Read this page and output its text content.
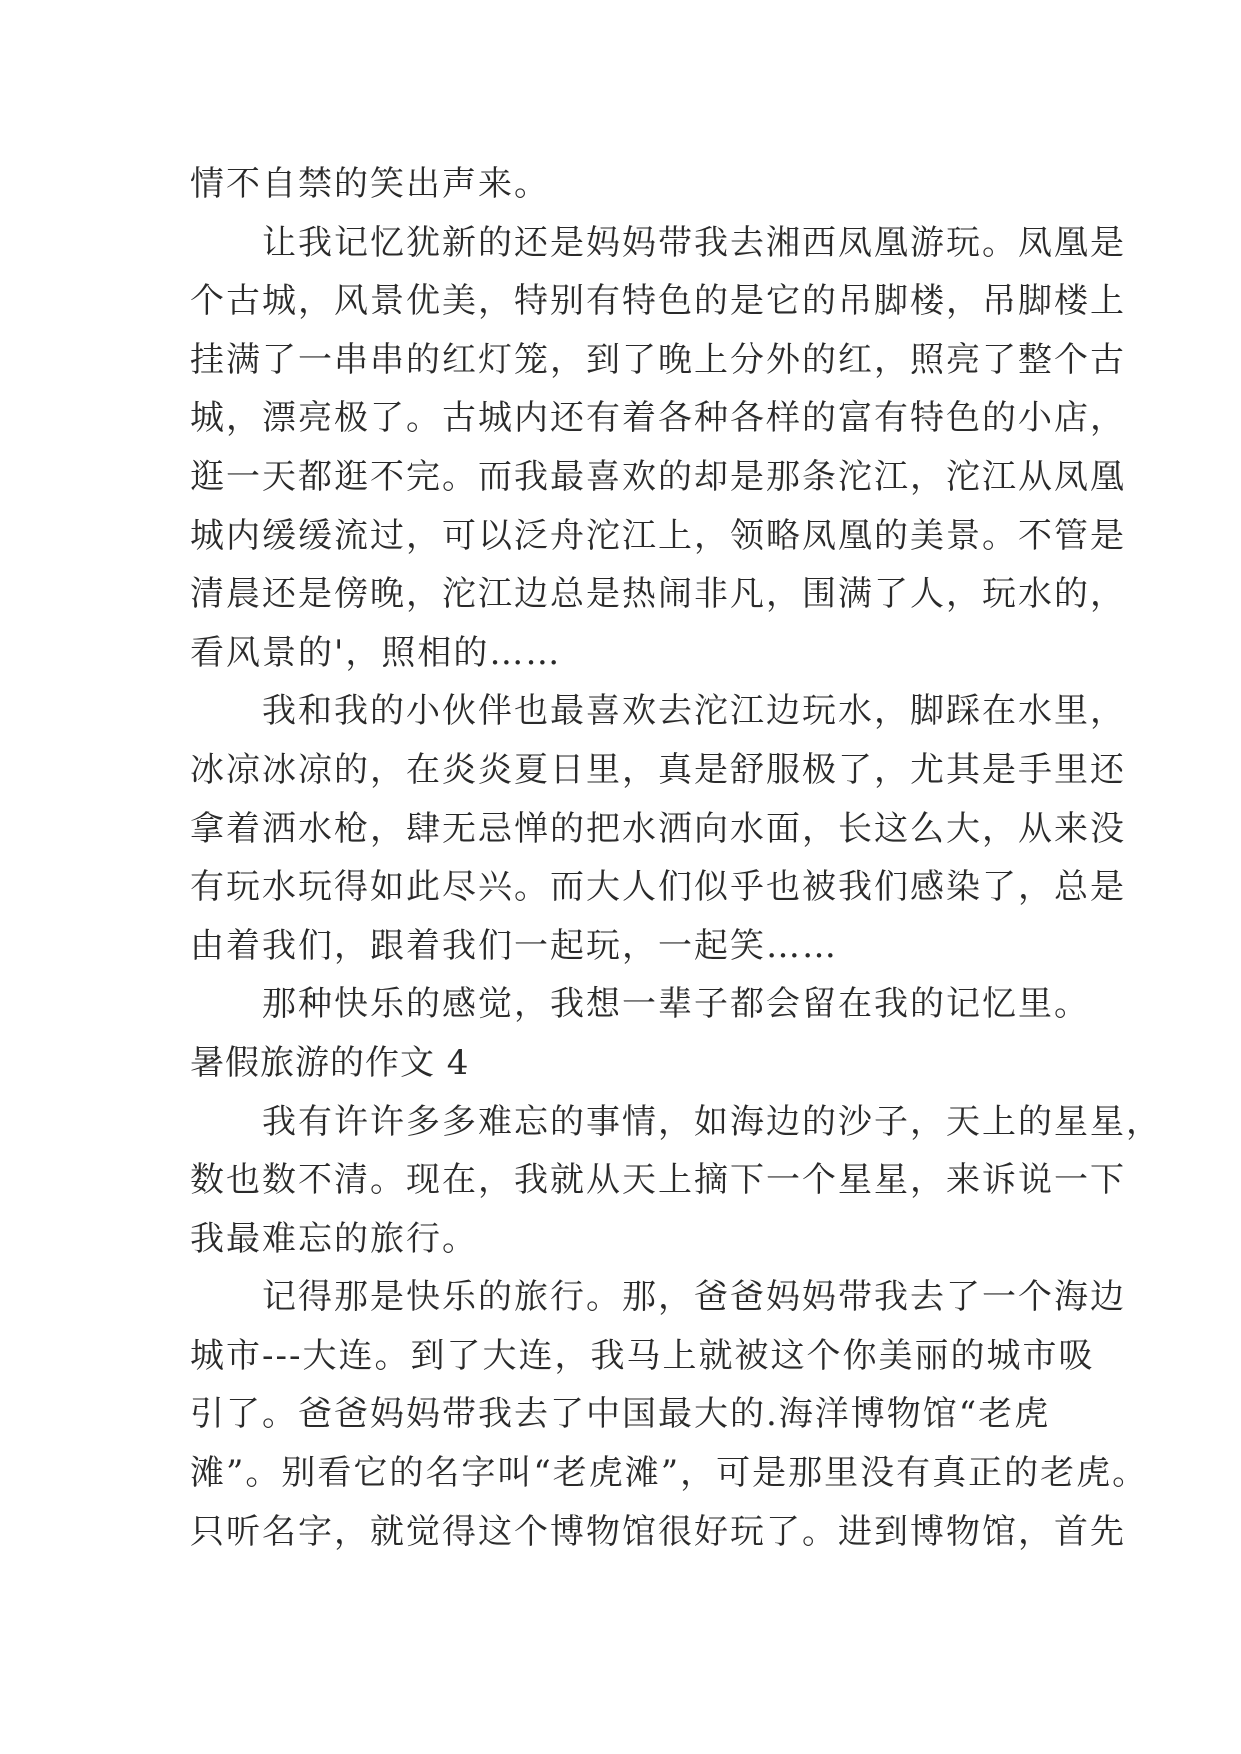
情不自禁的笑出声来。
让我记忆犹新的还是妈妈带我去湘西凤凰游玩。凤凰是
个古城，风景优美，特别有特色的是它的吊脚楼，吊脚楼上
挂满了一串串的红灯笼，到了晚上分外的红，照亮了整个古
城，漂亮极了。古城内还有着各种各样的富有特色的小店，
逛一天都逛不完。而我最喜欢的却是那条沱江，沱江从凤凰
城内缓缓流过，可以泛舟沱江上，领略凤凰的美景。不管是
清晨还是傍晚，沱江边总是热闹非凡，围满了人，玩水的，
看风景的'，照相的……
我和我的小伙伴也最喜欢去沱江边玩水，脚踩在水里，
冰凉冰凉的，在炎炎夏日里，真是舒服极了，尤其是手里还
拿着洒水枪，肆无忌惮的把水洒向水面，长这么大，从来没
有玩水玩得如此尽兴。而大人们似乎也被我们感染了，总是
由着我们，跟着我们一起玩，一起笑……
那种快乐的感觉，我想一辈子都会留在我的记忆里。
暑假旅游的作文 4
我有许许多多难忘的事情，如海边的沙子，天上的星星，
数也数不清。现在，我就从天上摘下一个星星，来诉说一下
我最难忘的旅行。
记得那是快乐的旅行。那，爸爸妈妈带我去了一个海边
城市---大连。到了大连，我马上就被这个你美丽的城市吸
引了。爸爸妈妈带我去了中国最大的.海洋博物馆“老虎
滩”。别看它的名字叫“老虎滩”，可是那里没有真正的老虎。
只听名字，就觉得这个博物馆很好玩了。进到博物馆，首先
